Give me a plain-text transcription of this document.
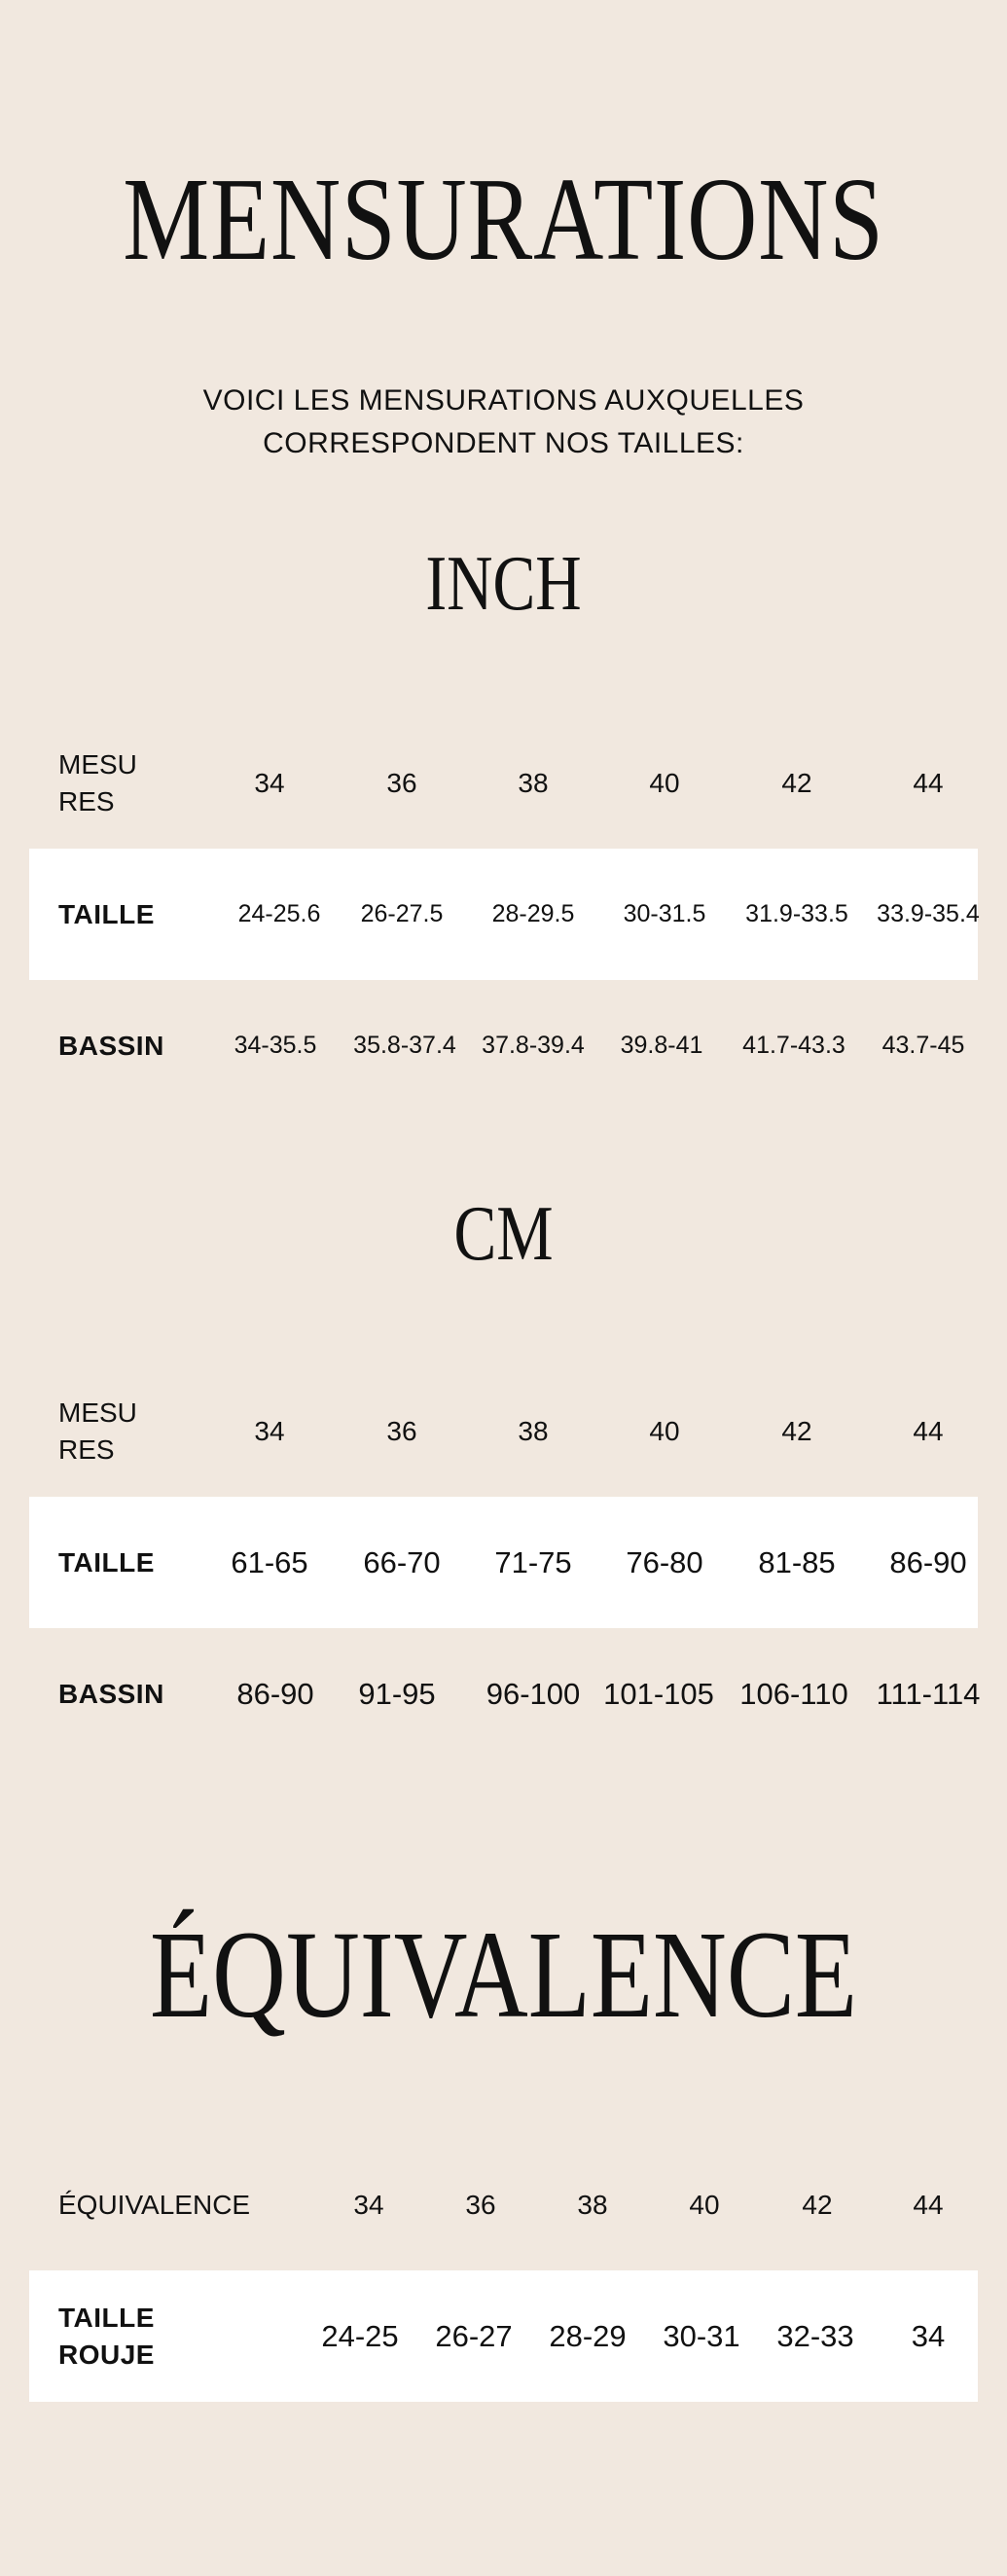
MENSURATIONS

VOICI LES MENSURATIONS AUXQUELLES
CORRESPONDENT NOS TAILLES:

INCH
MESU
RES
34	36	38	40	42	44
TAILLE	24-25.6	26-27.5	28-29.5	30-31.5	31.9-33.5	33.9-35.4
BASSIN	34-35.5	35.8-37.4	37.8-39.4	39.8-41	41.7-43.3	43.7-45
CM
MESU
RES
34	36	38	40	42	44
TAILLE	61-65	66-70	71-75	76-80	81-85	86-90
BASSIN	86-90	91-95	96-100 101-105 106-110 111-114
ÉQUIVALENCE
ÉQUIVALENCE	34	36	38	40	42	44
TAILLE
ROUJE
24-25	26-27	28-29	30-31	32-33	34
